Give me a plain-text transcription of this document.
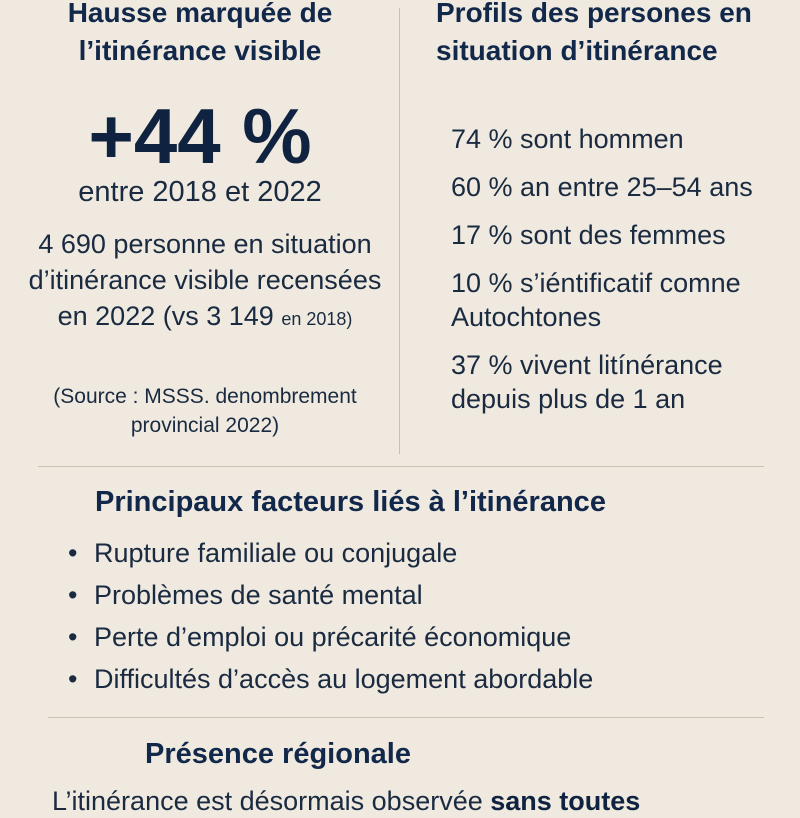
Hausse marquée de l’itinérance visible
+44 %
entre 2018 et 2022
4 690 personne en situation d’itinérance visible recensées en 2022 (vs 3 149 en 2018)
(Source : MSSS. denombrement provincial 2022)
Profils des persones en situation d’itinérance
74 % sont hommen
60 % an entre 25–54 ans
17 % sont des femmes
10 % s’iéntificatif comne
Autochtones
37 % vivent litínérance
depuis plus de 1 an
Principaux facteurs liés à l’itinérance
• Rupture familiale ou conjugale
• Problèmes de santé mental
• Perte d’emploi ou précarité économique
• Difficultés d’accès au logement abordable
Présence régionale
L’itinérance est désormais observée sans toutes
